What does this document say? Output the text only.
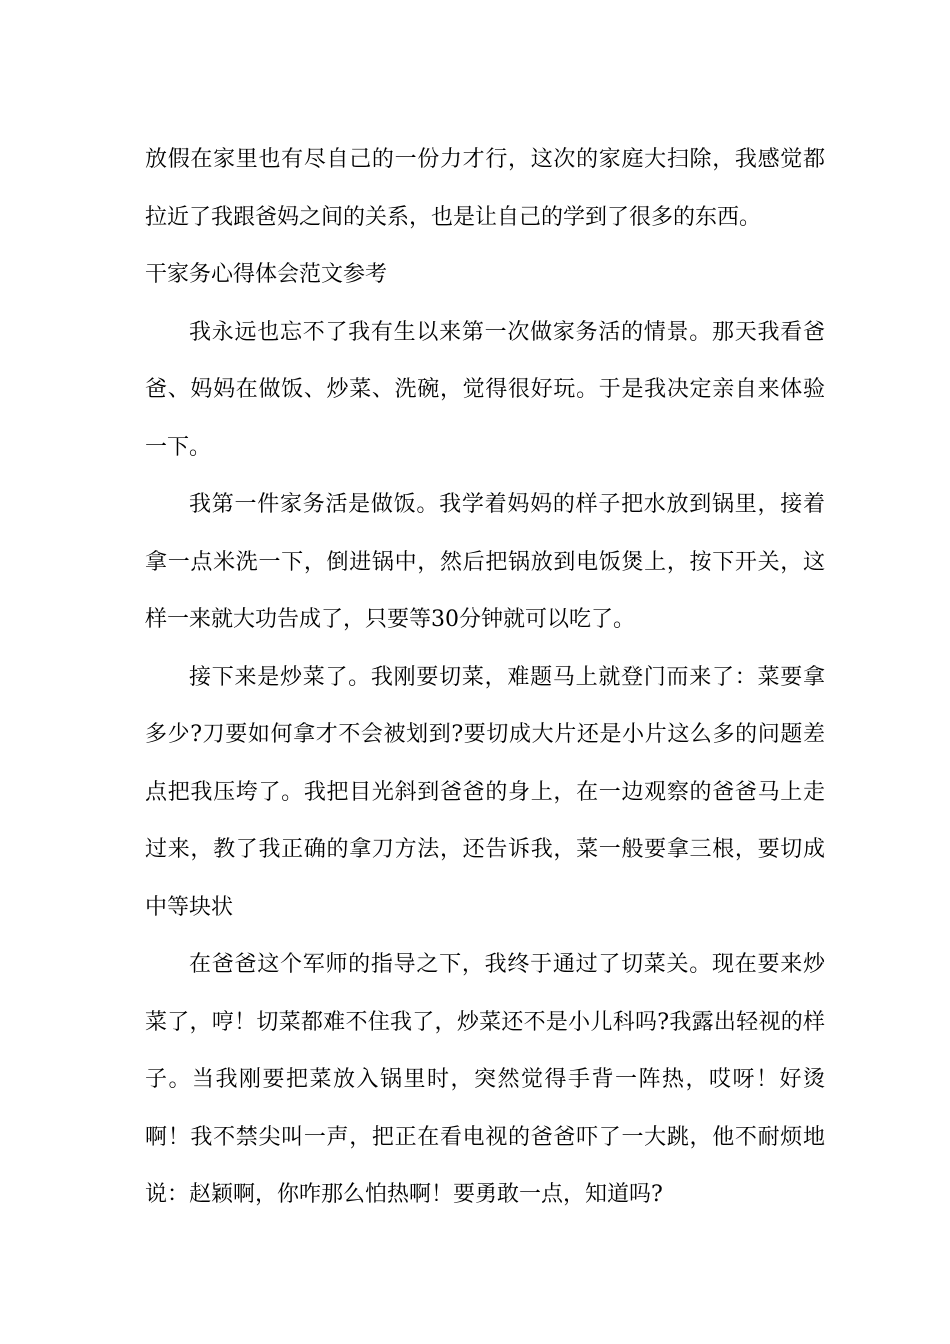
放假在家里也有尽自己的一份力才行，这次的家庭大扫除，我感觉都拉近了我跟爸妈之间的关系，也是让自己的学到了很多的东西。

干家务心得体会范文参考

我永远也忘不了我有生以来第一次做家务活的情景。那天我看爸爸、妈妈在做饭、炒菜、洗碗，觉得很好玩。于是我决定亲自来体验一下。

我第一件家务活是做饭。我学着妈妈的样子把水放到锅里，接着拿一点米洗一下，倒进锅中，然后把锅放到电饭煲上，按下开关，这样一来就大功告成了，只要等30分钟就可以吃了。

接下来是炒菜了。我刚要切菜，难题马上就登门而来了：菜要拿多少?刀要如何拿才不会被划到?要切成大片还是小片这么多的问题差点把我压垮了。我把目光斜到爸爸的身上，在一边观察的爸爸马上走过来，教了我正确的拿刀方法，还告诉我，菜一般要拿三根，要切成中等块状

在爸爸这个军师的指导之下，我终于通过了切菜关。现在要来炒菜了，哼！切菜都难不住我了，炒菜还不是小儿科吗?我露出轻视的样子。当我刚要把菜放入锅里时，突然觉得手背一阵热，哎呀！好烫啊！我不禁尖叫一声，把正在看电视的爸爸吓了一大跳，他不耐烦地说：赵颖啊，你咋那么怕热啊！要勇敢一点，知道吗?
